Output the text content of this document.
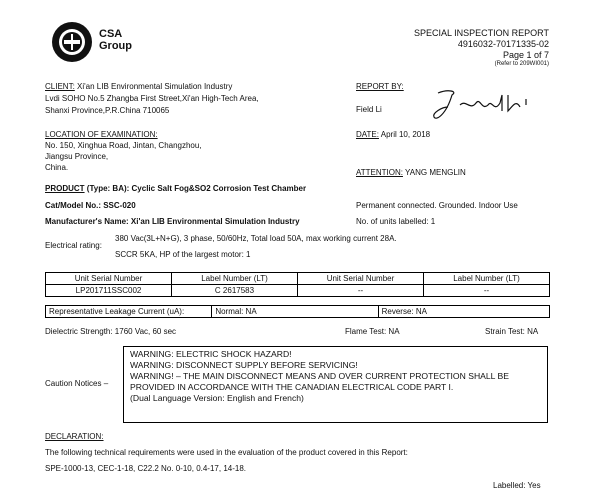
CSA
Group
SPECIAL INSPECTION REPORT
4916032-70171335-02
Page 1 of 7
(Refer to 209WI001)
CLIENT: Xi'an LIB Environmental Simulation Industry
Lvdi SOHO No.5 Zhangba First Street,Xi'an High-Tech Area,
Shanxi Province,P.R.China 710065
REPORT BY:
Field Li
LOCATION OF EXAMINATION:
No. 150, Xinghua Road, Jintan, Changzhou,
Jiangsu Province,
China.
DATE: April 10, 2018
ATTENTION: YANG MENGLIN
PRODUCT (Type: BA): Cyclic Salt Fog&SO2 Corrosion Test Chamber
Cat/Model No.: SSC-020
Manufacturer's Name: Xi'an LIB Environmental Simulation Industry
Permanent connected. Grounded. Indoor Use
No. of units labelled: 1
Electrical rating:
380 Vac(3L+N+G), 3 phase, 50/60Hz, Total load 50A, max working current 28A.
SCCR 5KA, HP of the largest motor: 1
Unit Serial Number	Label Number (LT)	Unit Serial Number	Label Number (LT)
LP201711SSC002	C 2617583	--	--
Representative Leakage Current (uA):	Normal: NA	Reverse: NA
Dielectric Strength: 1760 Vac, 60 sec	Flame Test: NA	Strain Test: NA
Caution Notices –
WARNING: ELECTRIC SHOCK HAZARD!
WARNING: DISCONNECT SUPPLY BEFORE SERVICING!
WARNING! – THE MAIN DISCONNECT MEANS AND OVER CURRENT PROTECTION SHALL BE PROVIDED IN ACCORDANCE WITH THE CANADIAN ELECTRICAL CODE PART I.
(Dual Language Version: English and French)
DECLARATION:
The following technical requirements were used in the evaluation of the product covered in this Report:
SPE-1000-13, CEC-1-18, C22.2 No. 0-10, 0.4-17, 14-18.
Labelled: Yes
